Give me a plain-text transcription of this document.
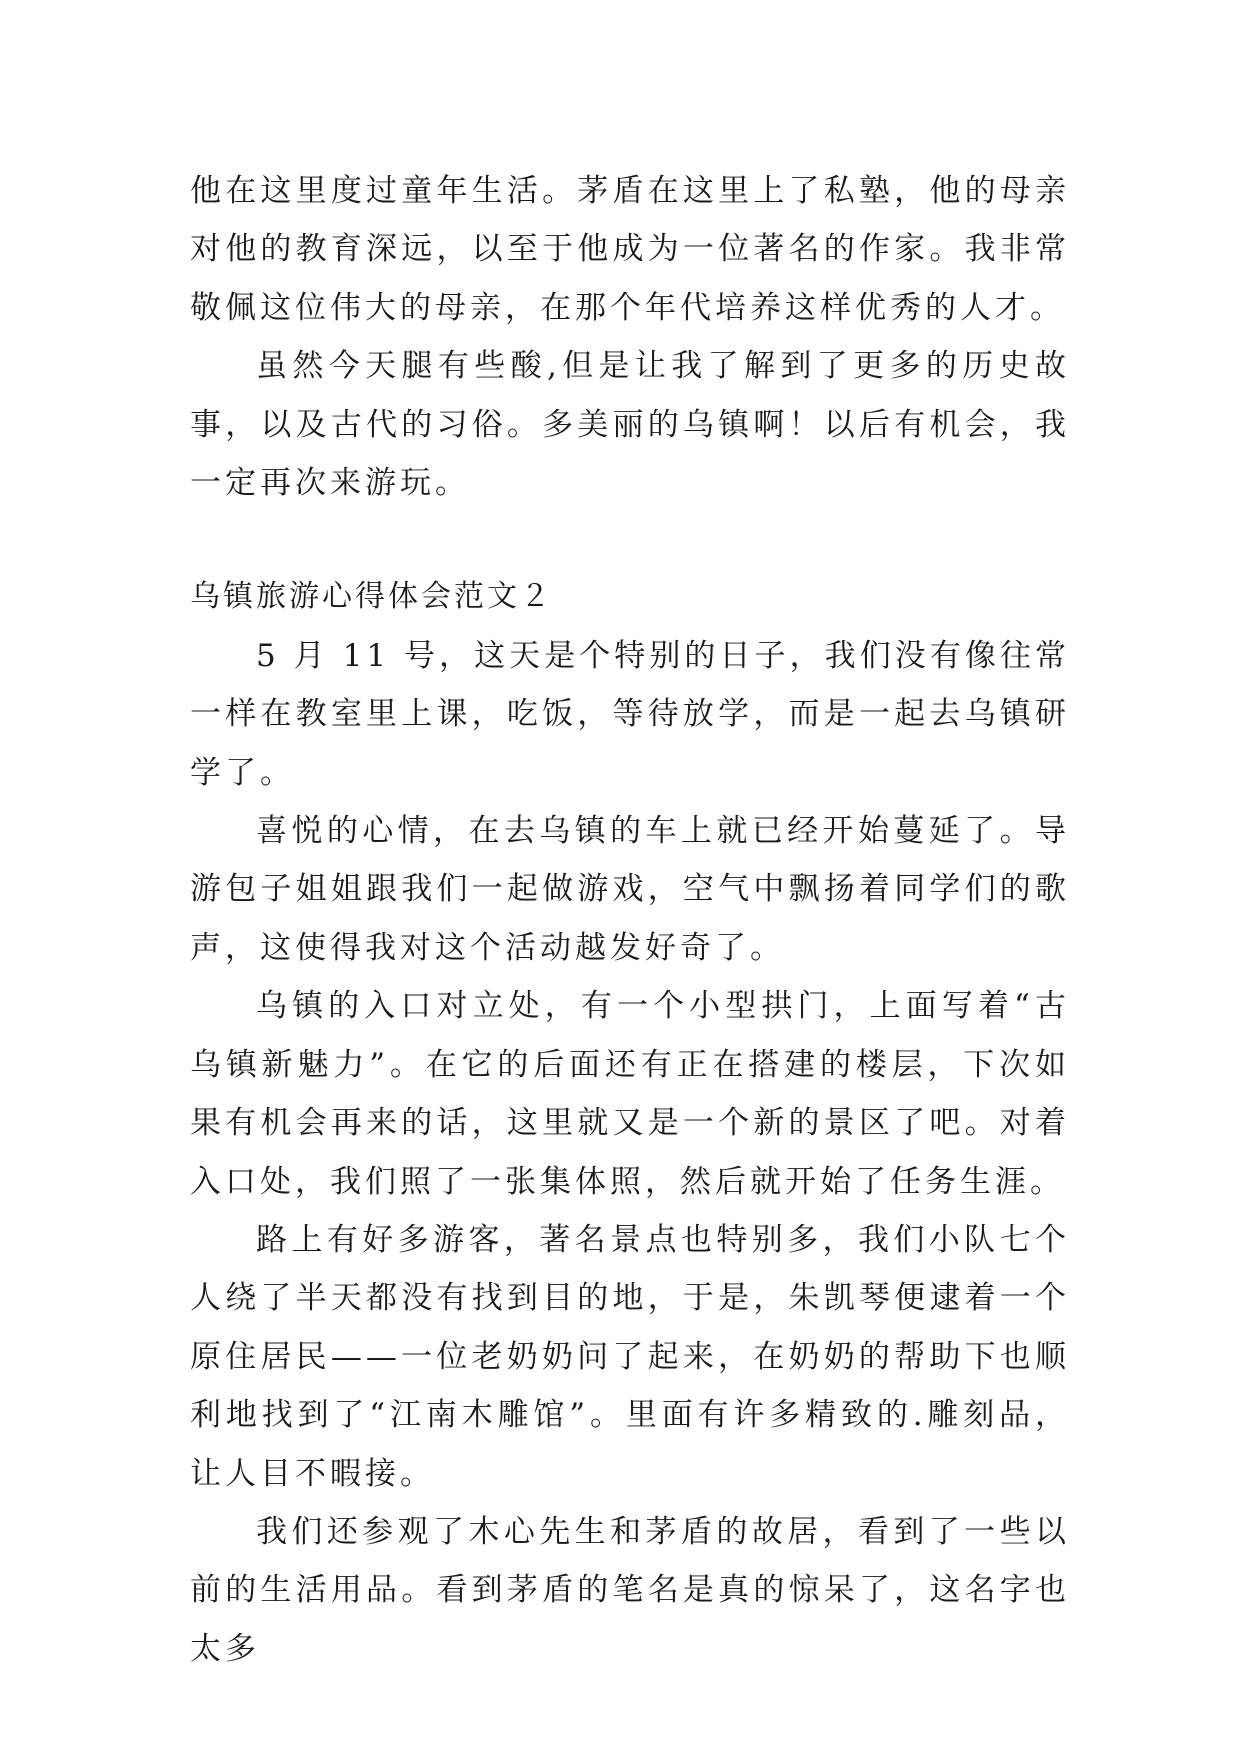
他在这里度过童年生活。茅盾在这里上了私塾，他的母亲对他的教育深远，以至于他成为一位著名的作家。我非常敬佩这位伟大的母亲，在那个年代培养这样优秀的人才。

虽然今天腿有些酸,但是让我了解到了更多的历史故事，以及古代的习俗。多美丽的乌镇啊！以后有机会，我一定再次来游玩。

乌镇旅游心得体会范文２

5 月 11 号，这天是个特别的日子，我们没有像往常一样在教室里上课，吃饭，等待放学，而是一起去乌镇研学了。

喜悦的心情，在去乌镇的车上就已经开始蔓延了。导游包子姐姐跟我们一起做游戏，空气中飘扬着同学们的歌声，这使得我对这个活动越发好奇了。

乌镇的入口对立处，有一个小型拱门，上面写着“古乌镇新魅力”。在它的后面还有正在搭建的楼层，下次如果有机会再来的话，这里就又是一个新的景区了吧。对着入口处，我们照了一张集体照，然后就开始了任务生涯。

路上有好多游客，著名景点也特别多，我们小队七个人绕了半天都没有找到目的地，于是，朱凯琴便逮着一个原住居民——一位老奶奶问了起来，在奶奶的帮助下也顺利地找到了“江南木雕馆”。里面有许多精致的.雕刻品，让人目不暇接。

我们还参观了木心先生和茅盾的故居，看到了一些以前的生活用品。看到茅盾的笔名是真的惊呆了，这名字也太多
